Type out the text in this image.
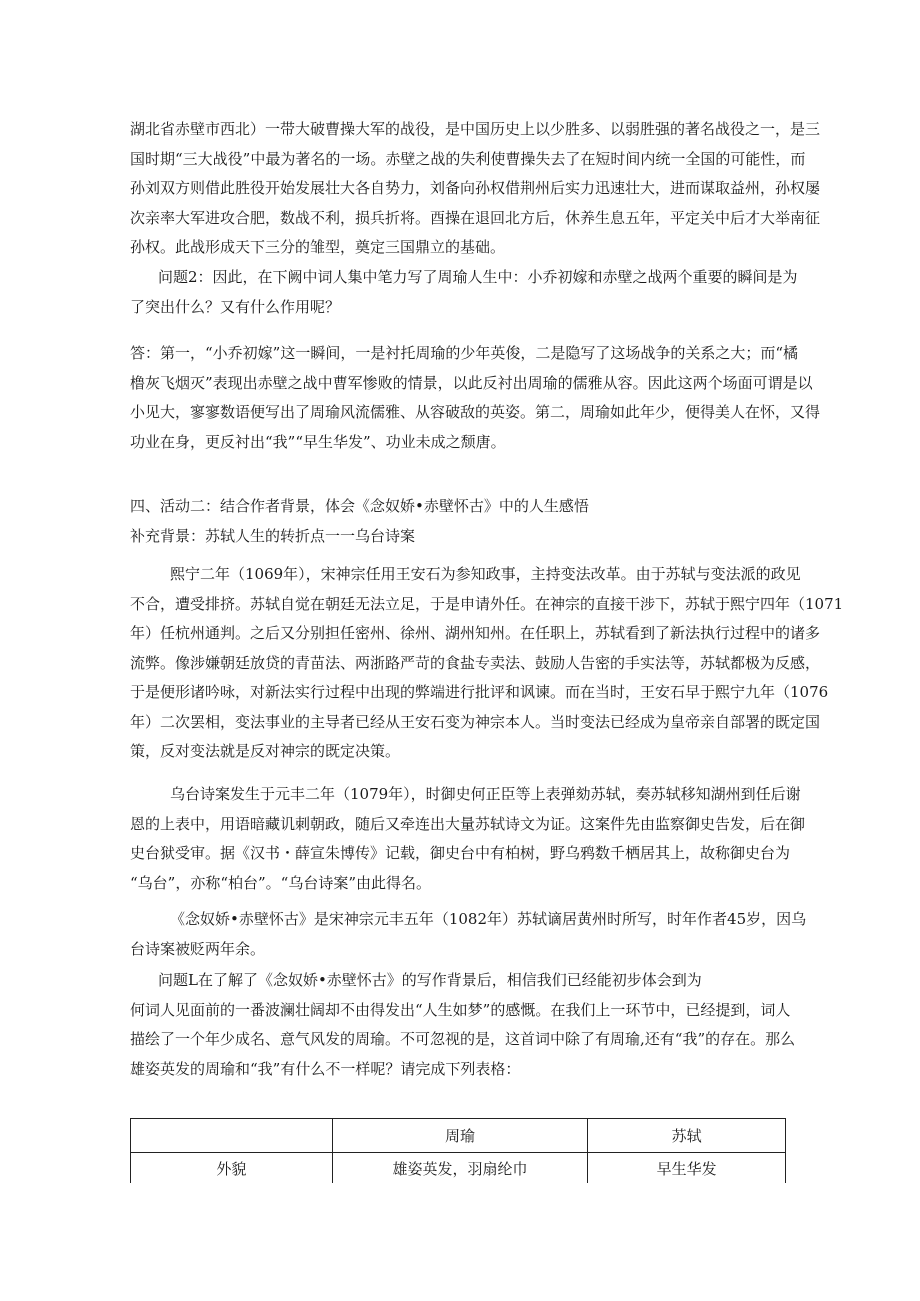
湖北省赤壁市西北）一带大破曹操大军的战役，是中国历史上以少胜多、以弱胜强的著名战役之一，是三
国时期“三大战役”中最为著名的一场。赤壁之战的失利使曹操失去了在短时间内统一全国的可能性，而
孙刘双方则借此胜役开始发展壮大各自势力，刘备向孙权借荆州后实力迅速壮大，进而谋取益州，孙权屡
次亲率大军进攻合肥，数战不利，损兵折将。酉操在退回北方后，休养生息五年，平定关中后才大举南征
孙权。此战形成天下三分的雏型，奠定三国鼎立的基础。
问题2：因此，在下阙中词人集中笔力写了周瑜人生中：小乔初嫁和赤壁之战两个重要的瞬间是为
了突出什么？又有什么作用呢？
答：第一，“小乔初嫁”这一瞬间，一是衬托周瑜的少年英俊，二是隐写了这场战争的关系之大；而“橘
橹灰飞烟灭”表现出赤壁之战中曹军惨败的情景，以此反衬出周瑜的儒雅从容。因此这两个场面可谓是以
小见大，寥寥数语便写出了周瑜风流儒雅、从容破敌的英姿。第二，周瑜如此年少，便得美人在怀，又得
功业在身，更反衬出“我”“早生华发”、功业未成之颓唐。
四、活动二：结合作者背景，体会《念奴娇•赤壁怀古》中的人生感悟
补充背景：苏轼人生的转折点一一乌台诗案
熙宁二年（1069年），宋神宗任用王安石为参知政事，主持变法改革。由于苏轼与变法派的政见
不合，遭受排挤。苏轼自觉在朝廷无法立足，于是申请外任。在神宗的直接干涉下，苏轼于熙宁四年（1071
年）任杭州通判。之后又分别担任密州、徐州、湖州知州。在任职上，苏轼看到了新法执行过程中的诸多
流弊。像涉嫌朝廷放贷的青苗法、两浙路严苛的食盐专卖法、鼓励人告密的手实法等，苏轼都极为反感，
于是便形诸吟咏，对新法实行过程中出现的弊端进行批评和讽谏。而在当时，王安石早于熙宁九年（1076
年）二次罢相，变法事业的主导者已经从王安石变为神宗本人。当时变法已经成为皇帝亲自部署的既定国
策，反对变法就是反对神宗的既定决策。
乌台诗案发生于元丰二年（1079年），时御史何正臣等上表弹劾苏轼，奏苏轼移知湖州到任后谢
恩的上表中，用语暗藏讥刺朝政，随后又牵连出大量苏轼诗文为证。这案件先由监察御史告发，后在御
史台狱受审。据《汉书・薛宣朱博传》记载，御史台中有柏树，野乌鸦数千栖居其上，故称御史台为
“乌台”，亦称“柏台”。“乌台诗案”由此得名。
《念奴娇•赤壁怀古》是宋神宗元丰五年（1082年）苏轼谪居黄州时所写，时年作者45岁，因乌
台诗案被贬两年余。
问题L在了解了《念奴娇•赤壁怀古》的写作背景后，相信我们已经能初步体会到为
何词人见面前的一番波澜壮阔却不由得发出“人生如梦”的感慨。在我们上一环节中，已经提到，词人
描绘了一个年少成名、意气风发的周瑜。不可忽视的是，这首词中除了有周瑜,还有“我”的存在。那么
雄姿英发的周瑜和“我”有什么不一样呢？请完成下列表格：
	周瑜	苏轼
外貌	雄姿英发，羽扇纶巾	早生华发
